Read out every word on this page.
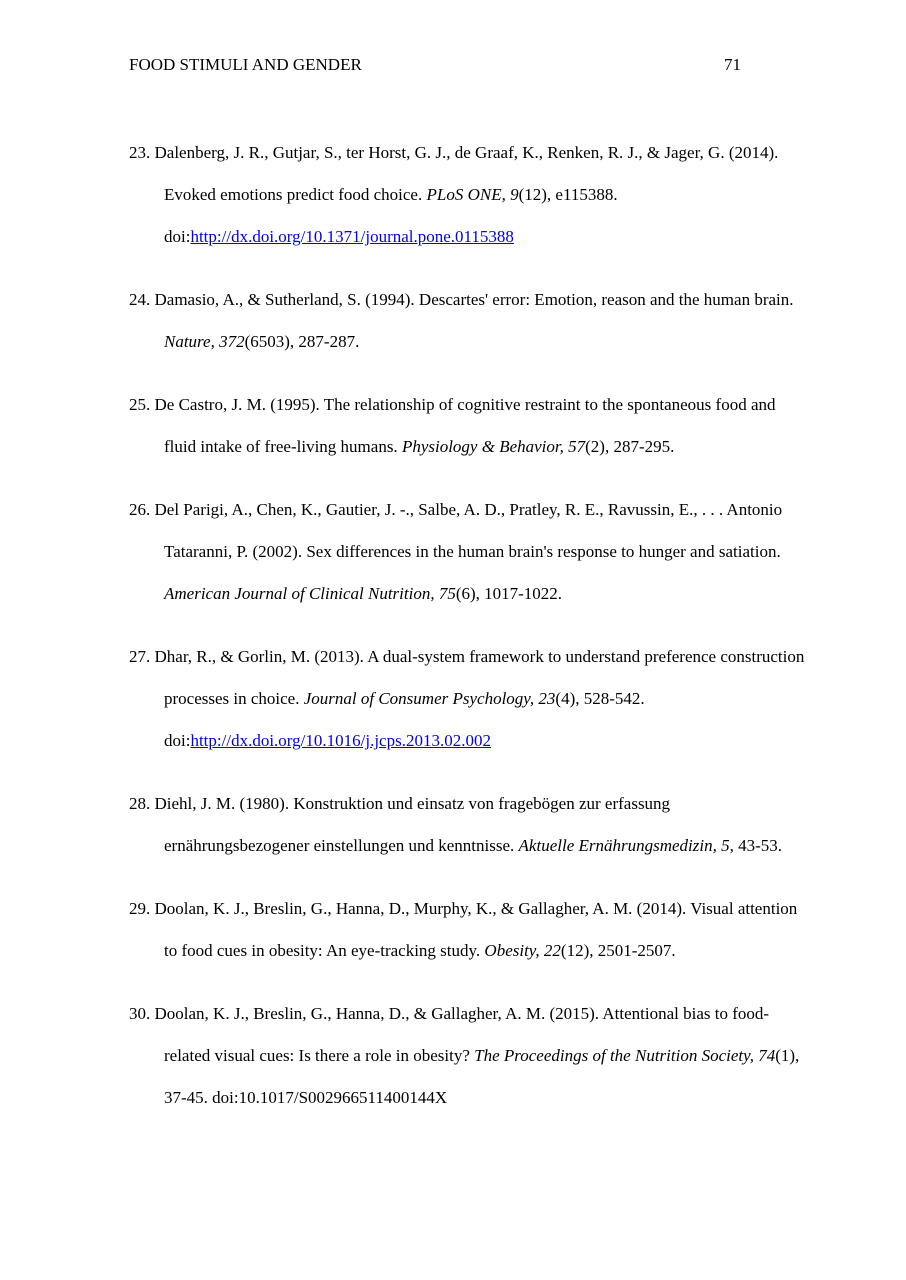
FOOD STIMULI AND GENDER	71

23. Dalenberg, J. R., Gutjar, S., ter Horst, G. J., de Graaf, K., Renken, R. J., & Jager, G. (2014). Evoked emotions predict food choice. PLoS ONE, 9(12), e115388. doi:http://dx.doi.org/10.1371/journal.pone.0115388

24. Damasio, A., & Sutherland, S. (1994). Descartes' error: Emotion, reason and the human brain. Nature, 372(6503), 287-287.

25. De Castro, J. M. (1995). The relationship of cognitive restraint to the spontaneous food and fluid intake of free-living humans. Physiology & Behavior, 57(2), 287-295.

26. Del Parigi, A., Chen, K., Gautier, J. -., Salbe, A. D., Pratley, R. E., Ravussin, E., . . . Antonio Tataranni, P. (2002). Sex differences in the human brain's response to hunger and satiation. American Journal of Clinical Nutrition, 75(6), 1017-1022.

27. Dhar, R., & Gorlin, M. (2013). A dual-system framework to understand preference construction processes in choice. Journal of Consumer Psychology, 23(4), 528-542. doi:http://dx.doi.org/10.1016/j.jcps.2013.02.002

28. Diehl, J. M. (1980). Konstruktion und einsatz von fragebögen zur erfassung ernährungsbezogener einstellungen und kenntnisse. Aktuelle Ernährungsmedizin, 5, 43-53.

29. Doolan, K. J., Breslin, G., Hanna, D., Murphy, K., & Gallagher, A. M. (2014). Visual attention to food cues in obesity: An eye-tracking study. Obesity, 22(12), 2501-2507.

30. Doolan, K. J., Breslin, G., Hanna, D., & Gallagher, A. M. (2015). Attentional bias to food-related visual cues: Is there a role in obesity? The Proceedings of the Nutrition Society, 74(1), 37-45. doi:10.1017/S002966511400144X
